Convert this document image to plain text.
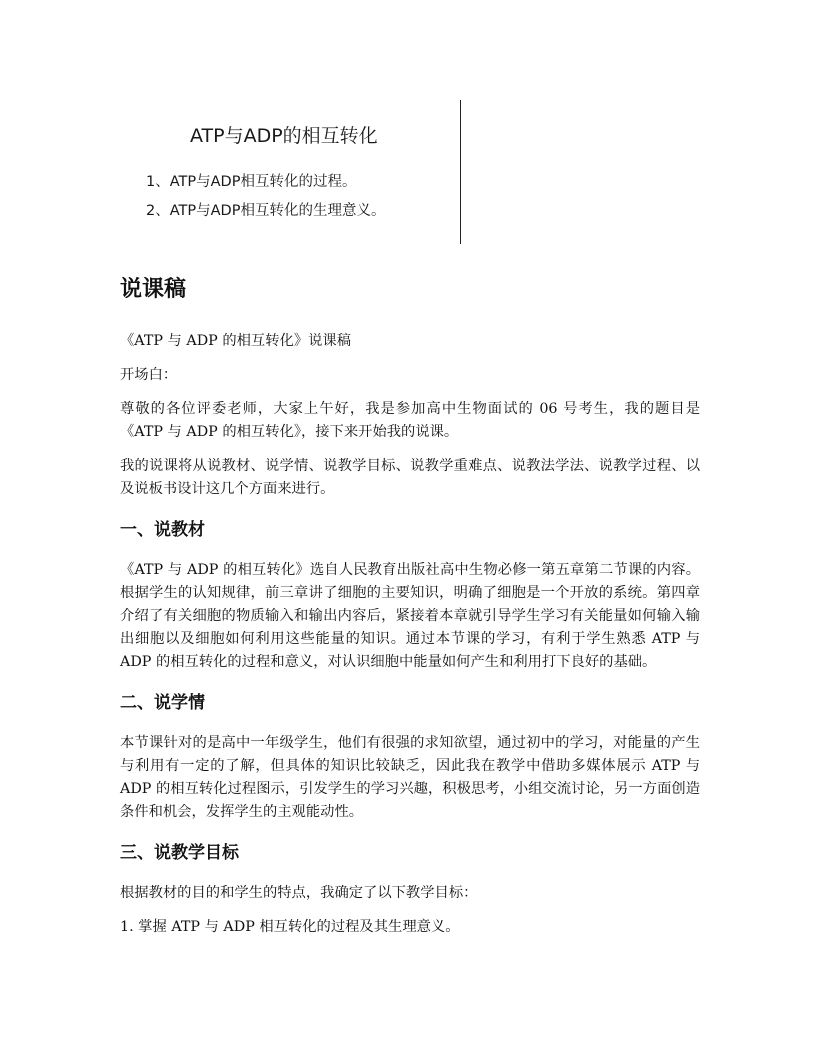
ATP与ADP的相互转化
1、ATP与ADP相互转化的过程。
2、ATP与ADP相互转化的生理意义。
说课稿

《ATP 与 ADP 的相互转化》说课稿

开场白：

尊敬的各位评委老师，大家上午好，我是参加高中生物面试的 06 号考生，我的题目是《ATP 与 ADP 的相互转化》，接下来开始我的说课。

我的说课将从说教材、说学情、说教学目标、说教学重难点、说教法学法、说教学过程、以及说板书设计这几个方面来进行。

一、说教材

《ATP 与 ADP 的相互转化》选自人民教育出版社高中生物必修一第五章第二节课的内容。根据学生的认知规律，前三章讲了细胞的主要知识，明确了细胞是一个开放的系统。第四章介绍了有关细胞的物质输入和输出内容后，紧接着本章就引导学生学习有关能量如何输入输出细胞以及细胞如何利用这些能量的知识。通过本节课的学习，有利于学生熟悉 ATP 与 ADP 的相互转化的过程和意义，对认识细胞中能量如何产生和利用打下良好的基础。

二、说学情

本节课针对的是高中一年级学生，他们有很强的求知欲望，通过初中的学习，对能量的产生与利用有一定的了解，但具体的知识比较缺乏，因此我在教学中借助多媒体展示 ATP 与 ADP 的相互转化过程图示，引发学生的学习兴趣，积极思考，小组交流讨论，另一方面创造条件和机会，发挥学生的主观能动性。

三、说教学目标

根据教材的目的和学生的特点，我确定了以下教学目标：

1. 掌握 ATP 与 ADP 相互转化的过程及其生理意义。
